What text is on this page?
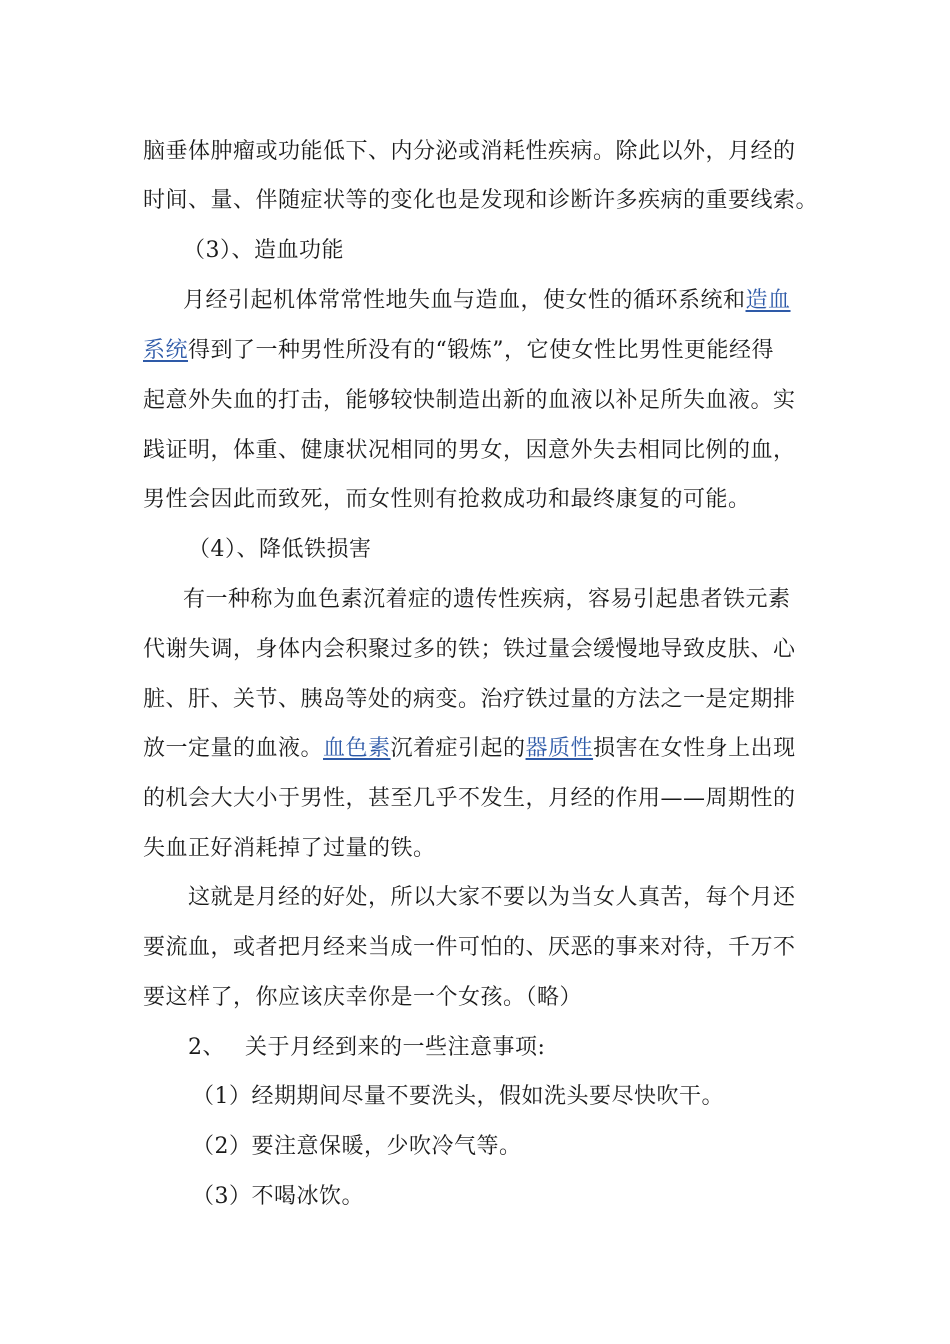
脑垂体肿瘤或功能低下、内分泌或消耗性疾病。除此以外，月经的
时间、量、伴随症状等的变化也是发现和诊断许多疾病的重要线索。
（3）、造血功能
月经引起机体常常性地失血与造血，使女性的循环系统和造血
系统得到了一种男性所没有的“锻炼”，它使女性比男性更能经得
起意外失血的打击，能够较快制造出新的血液以补足所失血液。实
践证明，体重、健康状况相同的男女，因意外失去相同比例的血，
男性会因此而致死，而女性则有抢救成功和最终康复的可能。
（4）、降低铁损害
有一种称为血色素沉着症的遗传性疾病，容易引起患者铁元素
代谢失调，身体内会积聚过多的铁；铁过量会缓慢地导致皮肤、心
脏、肝、关节、胰岛等处的病变。治疗铁过量的方法之一是定期排
放一定量的血液。血色素沉着症引起的器质性损害在女性身上出现
的机会大大小于男性，甚至几乎不发生，月经的作用——周期性的
失血正好消耗掉了过量的铁。
这就是月经的好处，所以大家不要以为当女人真苦，每个月还
要流血，或者把月经来当成一件可怕的、厌恶的事来对待，千万不
要这样了，你应该庆幸你是一个女孩。（略）
2、 关于月经到来的一些注意事项:
（1）经期期间尽量不要洗头，假如洗头要尽快吹干。
（2）要注意保暖，少吹冷气等。
（3）不喝冰饮。
